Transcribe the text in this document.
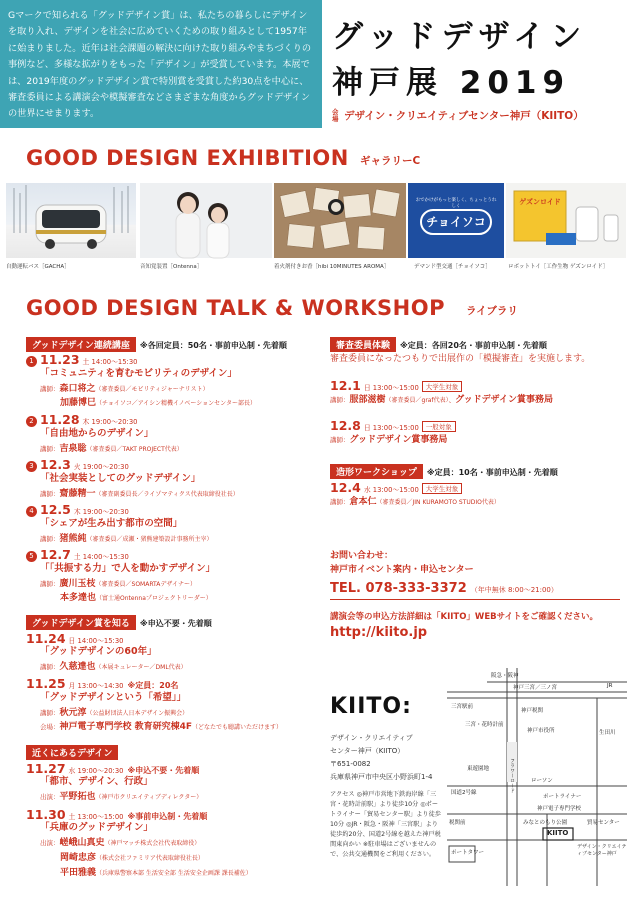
Gマークで知られる「グッドデザイン賞」は、私たちの暮らしにデザインを取り入れ、デザインを社会に広めていくための取り組みとして1957年に始まりました。近年は社会課題の解決に向けた取り組みやまちづくりの事例など、多様な拡がりをもった「デザイン」が受賞しています。本展では、2019年度のグッドデザイン賞で特別賞を受賞した約30点を中心に、審査委員による講演会や模擬審査などさまざまな角度からグッドデザインの世界にせまります。
グッドデザイン
神戸展 2019
会場 デザイン・クリエイティブセンター神戸（KIITO）
GOOD DESIGN EXHIBITION ギャラリーC
自動運転バス［GACHA］	音知覚装置［Ontenna］	着火剤付きお香［hibi 10MINUTES AROMA］
おでかけがもっと楽しく、ちょっとうれしく
チョイソコ
デマンド型交通［チョイソコ］
ゲズンロイド
ロボットトイ［工作生物 ゲズンロイド］
GOOD DESIGN TALK & WORKSHOP ライブラリ
グッドデザイン連続講座 ※各回定員：50名・事前申込制・先着順
1 11.23 土 14:00〜15:30
「コミュニティを育むモビリティのデザイン」
講師：森口将之（審査委員／モビリティジャーナリスト）
加藤博巳（チョイソコ／アイシン精機イノベーションセンター部長）
2 11.28 木 19:00〜20:30
「自由地からのデザイン」
講師：吉泉聡（審査委員／TAKT PROJECT代表）
3 12.3 火 19:00〜20:30
「社会実装としてのグッドデザイン」
講師：齋藤精一（審査副委員長／ライゾマティクス代表取締役社長）
4 12.5 木 19:00〜20:30
「シェアが生み出す都市の空間」
講師：猪熊純（審査委員／成瀬・猪熊建築設計事務所主宰）
5 12.7 土 14:00〜15:30
「「共振する力」で人を動かすデザイン」
講師：廣川玉枝（審査委員／SOMARTAデザイナー）
本多達也（富士通Ontennaプロジェクトリーダー）
グッドデザイン賞を知る ※申込不要・先着順
11.24 日 14:00〜15:30
「グッドデザインの60年」
講師：久慈達也（本展キュレーター／DML代表）
11.25 月 13:00〜14:30 ※定員：20名
「グッドデザインという「希望」」
講師：秋元淳（公益財団法人日本デザイン振興会）
会場：神戸電子専門学校 教育研究棟4F（どなたでも聴講いただけます）
近くにあるデザイン
11.27 水 19:00〜20:30 ※申込不要・先着順
「都市、デザイン、行政」
出演：平野拓也（神戸市クリエイティブディレクター）
11.30 土 13:00〜15:00 ※事前申込制・先着順
「兵庫のグッドデザイン」
出演：嵯峨山真史（神戸マッチ株式会社代表取締役）
岡崎忠彦（株式会社ファミリア代表取締役社長）
平田雅義（兵庫県警察本部 生活安全部 生活安全企画課 課長補佐）
審査委員体験 ※定員：各回20名・事前申込制・先着順
審査委員になったつもりで出展作の「模擬審査」を実施します。
12.1 日 13:00〜15:00 大学生対象
講師：服部滋樹（審査委員／graf代表）、グッドデザイン賞事務局
12.8 日 13:00〜15:00 一般対象
講師：グッドデザイン賞事務局
造形ワークショップ ※定員：10名・事前申込制・先着順
12.4 水 13:00〜15:00 大学生対象
講師：倉本仁（審査委員／JIN KURAMOTO STUDIO代表）
お問い合わせ：
神戸市イベント案内・申込センター
TEL. 078-333-3372 （年中無休 8:00〜21:00）
講演会等の申込方法詳細は「KIITO」WEBサイトをご確認ください。
http://kiito.jp
KIITO:
デザイン・クリエイティブ
センター神戸（KIITO）
〒651-0082
兵庫県神戸市中央区小野浜町1-4
アクセス ◎神戸市営地下鉄海岸線「三宮・花時計前駅」より徒歩10分 ◎ポートライナー「貿易センター駅」より徒歩10分 ◎JR・阪急・阪神「三宮駅」より徒歩約20分、国道2号線を越えた神戸税関東向かい ※駐車場はございませんので、公共交通機関をご利用ください。
阪急・阪神
神戸三宮／三ノ宮	JR
神戸税関
フラワーロード
三宮・花時計前
神戸市役所
東遊園地
ローソン
ポートライナー
みなとのもり公園
税関前
神戸電子専門学校
KIITO
デザイン・クリエイティブセンター神戸
生田川
貿易センター
国道2号線
ポートタワー
三宮駅前
